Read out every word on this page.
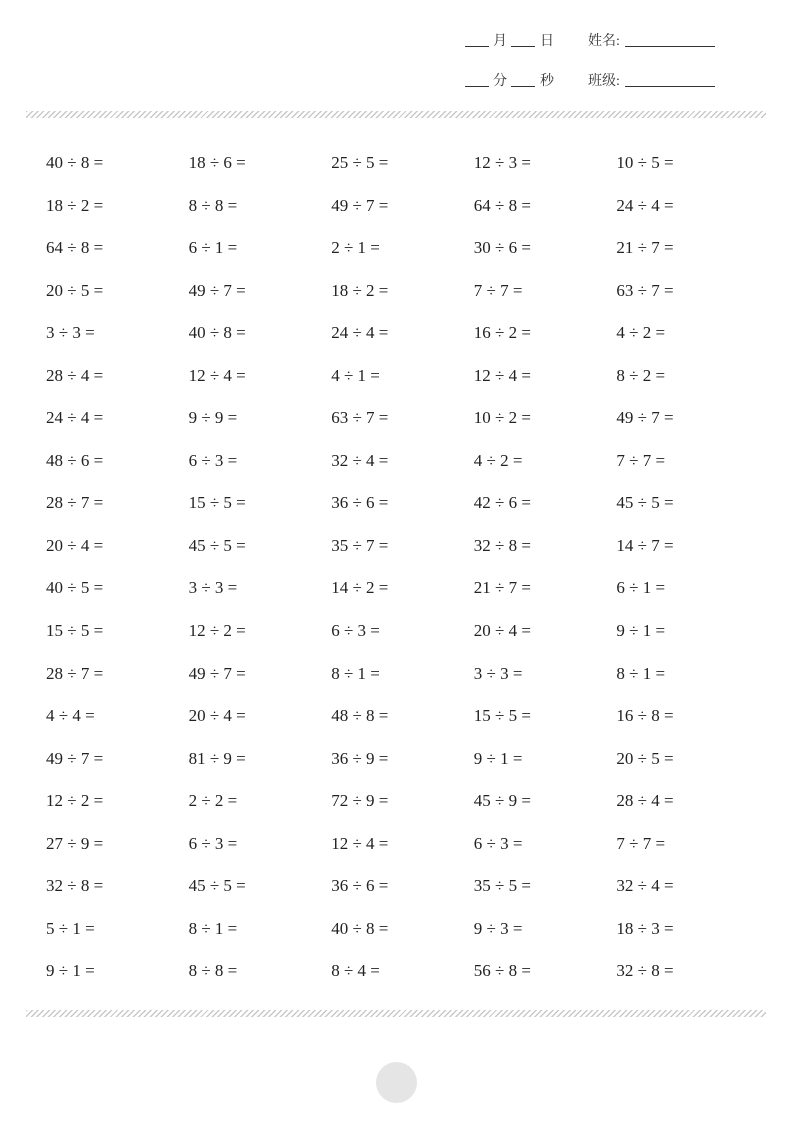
月 日 姓名:
分 秒 班级:
40 ÷ 8 =	18 ÷ 6 =	25 ÷ 5 =	12 ÷ 3 =	10 ÷ 5 =
18 ÷ 2 =	8 ÷ 8 =	49 ÷ 7 =	64 ÷ 8 =	24 ÷ 4 =
64 ÷ 8 =	6 ÷ 1 =	2 ÷ 1 =	30 ÷ 6 =	21 ÷ 7 =
20 ÷ 5 =	49 ÷ 7 =	18 ÷ 2 =	7 ÷ 7 =	63 ÷ 7 =
3 ÷ 3 =	40 ÷ 8 =	24 ÷ 4 =	16 ÷ 2 =	4 ÷ 2 =
28 ÷ 4 =	12 ÷ 4 =	4 ÷ 1 =	12 ÷ 4 =	8 ÷ 2 =
24 ÷ 4 =	9 ÷ 9 =	63 ÷ 7 =	10 ÷ 2 =	49 ÷ 7 =
48 ÷ 6 =	6 ÷ 3 =	32 ÷ 4 =	4 ÷ 2 =	7 ÷ 7 =
28 ÷ 7 =	15 ÷ 5 =	36 ÷ 6 =	42 ÷ 6 =	45 ÷ 5 =
20 ÷ 4 =	45 ÷ 5 =	35 ÷ 7 =	32 ÷ 8 =	14 ÷ 7 =
40 ÷ 5 =	3 ÷ 3 =	14 ÷ 2 =	21 ÷ 7 =	6 ÷ 1 =
15 ÷ 5 =	12 ÷ 2 =	6 ÷ 3 =	20 ÷ 4 =	9 ÷ 1 =
28 ÷ 7 =	49 ÷ 7 =	8 ÷ 1 =	3 ÷ 3 =	8 ÷ 1 =
4 ÷ 4 =	20 ÷ 4 =	48 ÷ 8 =	15 ÷ 5 =	16 ÷ 8 =
49 ÷ 7 =	81 ÷ 9 =	36 ÷ 9 =	9 ÷ 1 =	20 ÷ 5 =
12 ÷ 2 =	2 ÷ 2 =	72 ÷ 9 =	45 ÷ 9 =	28 ÷ 4 =
27 ÷ 9 =	6 ÷ 3 =	12 ÷ 4 =	6 ÷ 3 =	7 ÷ 7 =
32 ÷ 8 =	45 ÷ 5 =	36 ÷ 6 =	35 ÷ 5 =	32 ÷ 4 =
5 ÷ 1 =	8 ÷ 1 =	40 ÷ 8 =	9 ÷ 3 =	18 ÷ 3 =
9 ÷ 1 =	8 ÷ 8 =	8 ÷ 4 =	56 ÷ 8 =	32 ÷ 8 =
